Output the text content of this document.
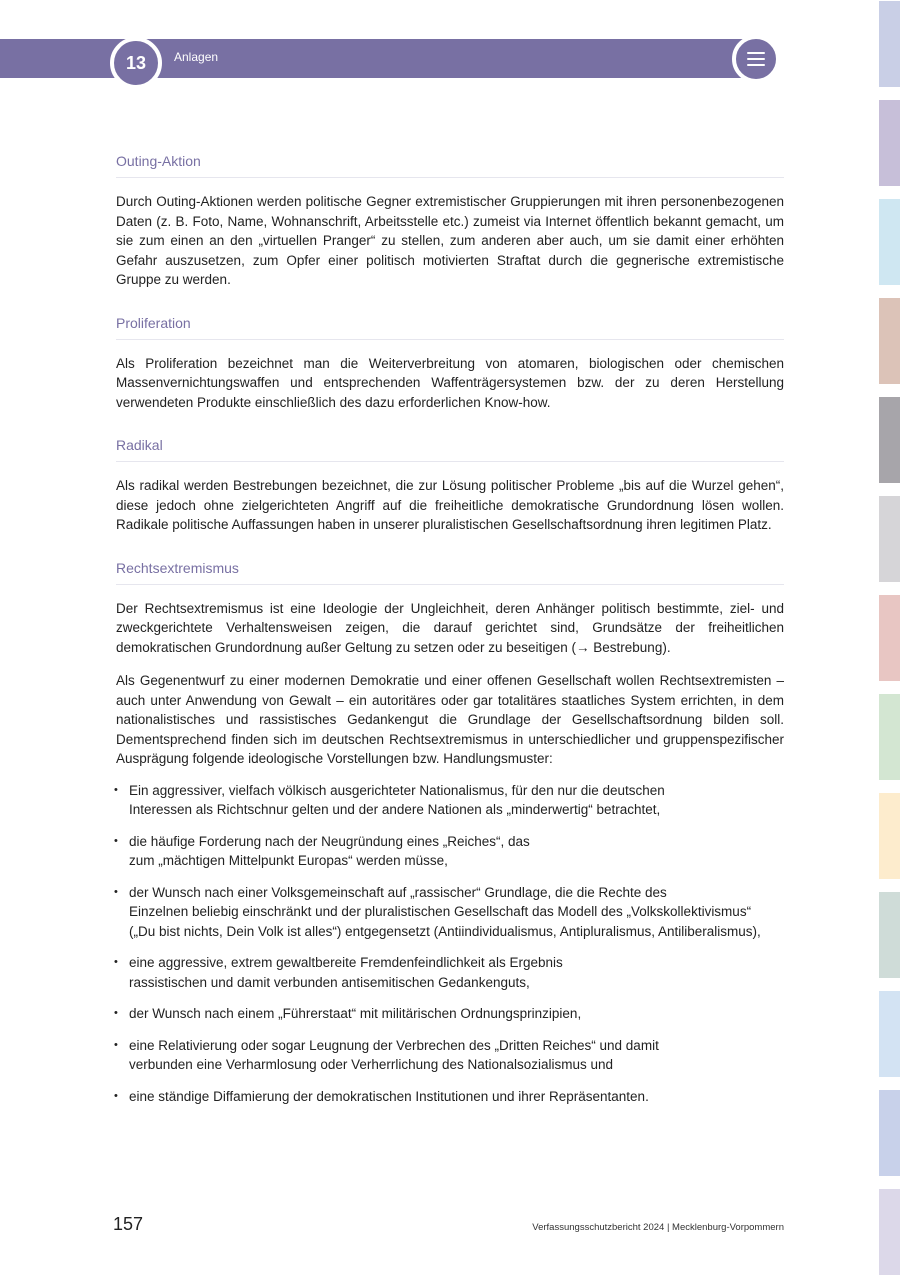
13 Anlagen
Outing-Aktion

Durch Outing-Aktionen werden politische Gegner extremistischer Gruppierungen mit ihren personenbezogenen Daten (z. B. Foto, Name, Wohnanschrift, Arbeitsstelle etc.) zumeist via Internet öffentlich bekannt gemacht, um sie zum einen an den „virtuellen Pranger“ zu stellen, zum anderen aber auch, um sie damit einer erhöhten Gefahr auszusetzen, zum Opfer einer politisch motivierten Straftat durch die gegnerische extremistische Gruppe zu werden.

Proliferation

Als Proliferation bezeichnet man die Weiterverbreitung von atomaren, biologischen oder chemischen Massenvernichtungswaffen und entsprechenden Waffenträgersystemen bzw. der zu deren Herstellung verwendeten Produkte einschließlich des dazu erforderlichen Know-how.

Radikal

Als radikal werden Bestrebungen bezeichnet, die zur Lösung politischer Probleme „bis auf die Wurzel gehen“, diese jedoch ohne zielgerichteten Angriff auf die freiheitliche demokratische Grundordnung lösen wollen. Radikale politische Auffassungen haben in unserer pluralistischen Gesellschaftsordnung ihren legitimen Platz.

Rechtsextremismus

Der Rechtsextremismus ist eine Ideologie der Ungleichheit, deren Anhänger politisch bestimmte, ziel- und zweckgerichtete Verhaltensweisen zeigen, die darauf gerichtet sind, Grundsätze der freiheitlichen demokratischen Grundordnung außer Geltung zu setzen oder zu beseitigen (→ Bestrebung).

Als Gegenentwurf zu einer modernen Demokratie und einer offenen Gesellschaft wollen Rechtsextremisten – auch unter Anwendung von Gewalt – ein autoritäres oder gar totalitäres staatliches System errichten, in dem nationalistisches und rassistisches Gedankengut die Grundlage der Gesellschaftsordnung bilden soll. Dementsprechend finden sich im deutschen Rechtsextremismus in unterschiedlicher und gruppenspezifischer Ausprägung folgende ideologische Vorstellungen bzw. Handlungsmuster:

• Ein aggressiver, vielfach völkisch ausgerichteter Nationalismus, für den nur die deutschen
Interessen als Richtschnur gelten und der andere Nationen als „minderwertig“ betrachtet,
• die häufige Forderung nach der Neugründung eines „Reiches“, das
zum „mächtigen Mittelpunkt Europas“ werden müsse,
• der Wunsch nach einer Volksgemeinschaft auf „rassischer“ Grundlage, die die Rechte des
Einzelnen beliebig einschränkt und der pluralistischen Gesellschaft das Modell des „Volkskollektivismus“
(„Du bist nichts, Dein Volk ist alles“) entgegensetzt (Antiindividualismus, Antipluralismus, Antiliberalismus),
• eine aggressive, extrem gewaltbereite Fremdenfeindlichkeit als Ergebnis
rassistischen und damit verbunden antisemitischen Gedankenguts,
• der Wunsch nach einem „Führerstaat“ mit militärischen Ordnungsprinzipien,
• eine Relativierung oder sogar Leugnung der Verbrechen des „Dritten Reiches“ und damit
verbunden eine Verharmlosung oder Verherrlichung des Nationalsozialismus und
• eine ständige Diffamierung der demokratischen Institutionen und ihrer Repräsentanten.
157	Verfassungsschutzbericht 2024 | Mecklenburg-Vorpommern
